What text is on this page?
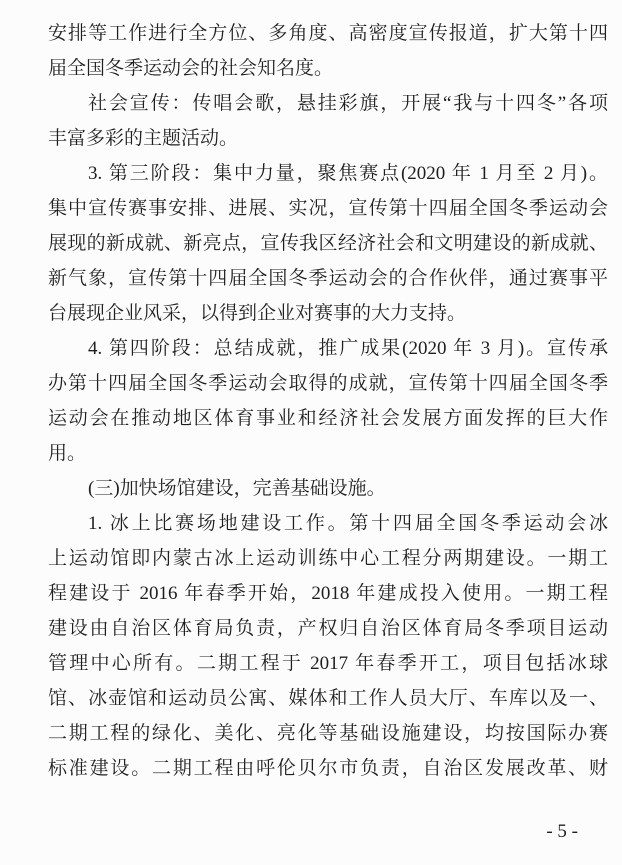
安排等工作进行全方位、多角度、高密度宣传报道，扩大第十四
届全国冬季运动会的社会知名度。
社会宣传：传唱会歌，悬挂彩旗，开展“我与十四冬”各项
丰富多彩的主题活动。
3. 第三阶段：集中力量，聚焦赛点(2020 年 1 月至 2 月)。
集中宣传赛事安排、进展、实况，宣传第十四届全国冬季运动会
展现的新成就、新亮点，宣传我区经济社会和文明建设的新成就、
新气象，宣传第十四届全国冬季运动会的合作伙伴，通过赛事平
台展现企业风采，以得到企业对赛事的大力支持。
4. 第四阶段：总结成就，推广成果(2020 年 3 月)。宣传承
办第十四届全国冬季运动会取得的成就，宣传第十四届全国冬季
运动会在推动地区体育事业和经济社会发展方面发挥的巨大作
用。
(三)加快场馆建设，完善基础设施。
1. 冰上比赛场地建设工作。第十四届全国冬季运动会冰
上运动馆即内蒙古冰上运动训练中心工程分两期建设。一期工
程建设于 2016 年春季开始，2018 年建成投入使用。一期工程
建设由自治区体育局负责，产权归自治区体育局冬季项目运动
管理中心所有。二期工程于 2017 年春季开工，项目包括冰球
馆、冰壶馆和运动员公寓、媒体和工作人员大厅、车库以及一、
二期工程的绿化、美化、亮化等基础设施建设，均按国际办赛
标准建设。二期工程由呼伦贝尔市负责，自治区发展改革、财
- 5 -
